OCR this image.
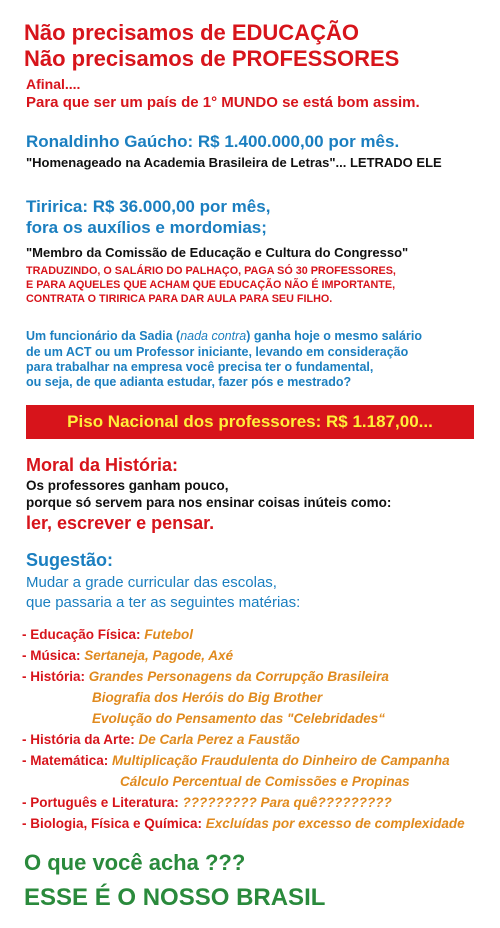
Não precisamos de EDUCAÇÃO
Não precisamos de PROFESSORES
Afinal....
Para que ser um país de 1° MUNDO se está bom assim.
Ronaldinho Gaúcho: R$ 1.400.000,00 por mês.
"Homenageado na Academia Brasileira de Letras"... LETRADO ELE
Tiririca: R$ 36.000,00 por mês,
fora os auxílios e mordomias;
"Membro da Comissão de Educação e Cultura do Congresso"
TRADUZINDO, O SALÁRIO DO PALHAÇO, PAGA SÓ 30 PROFESSORES,
E PARA AQUELES QUE ACHAM QUE EDUCAÇÃO NÃO É IMPORTANTE,
CONTRATA O TIRIRICA PARA DAR AULA PARA SEU FILHO.
Um funcionário da Sadia (nada contra) ganha hoje o mesmo salário
de um ACT ou um Professor iniciante, levando em consideração
para trabalhar na empresa você precisa ter o fundamental,
ou seja, de que adianta estudar, fazer pós e mestrado?
Piso Nacional dos professores: R$ 1.187,00...
Moral da História:
Os professores ganham pouco,
porque só servem para nos ensinar coisas inúteis como:
ler, escrever e pensar.
Sugestão:
Mudar a grade curricular das escolas,
que passaria a ter as seguintes matérias:
- Educação Física: Futebol
- Música: Sertaneja, Pagode, Axé
- História: Grandes Personagens da Corrupção Brasileira
Biografia dos Heróis do Big Brother
Evolução do Pensamento das "Celebridades“
- História da Arte: De Carla Perez a Faustão
- Matemática: Multiplicação Fraudulenta do Dinheiro de Campanha
Cálculo Percentual de Comissões e Propinas
- Português e Literatura: ????????? Para quê?????????
- Biologia, Física e Química: Excluídas por excesso de complexidade
O que você acha ???
ESSE É O NOSSO BRASIL
